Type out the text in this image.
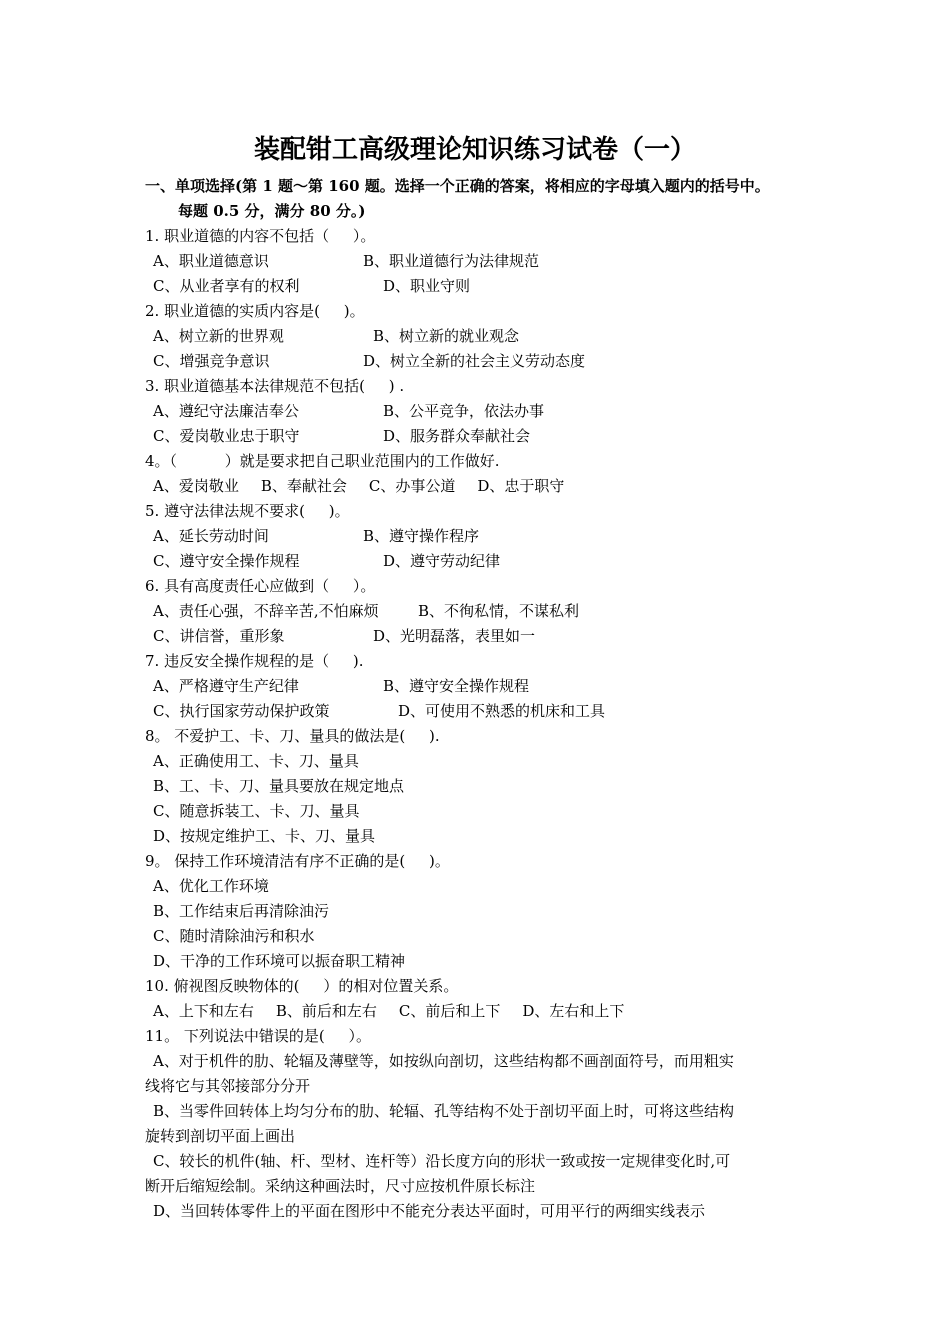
装配钳工高级理论知识练习试卷（一）
一、单项选择(第 1 题～第 160 题。选择一个正确的答案，将相应的字母填入题内的括号中。
每题 0.5 分，满分 80 分。)
1. 职业道德的内容不包括（     ）。
A、职业道德意识	B、职业道德行为法律规范
C、从业者享有的权利	D、职业守则
2. 职业道德的实质内容是(     )。
A、树立新的世界观	B、树立新的就业观念
C、增强竞争意识	D、树立全新的社会主义劳动态度
3. 职业道德基本法律规范不包括(     ) .
A、遵纪守法廉洁奉公	B、公平竞争，依法办事
C、爱岗敬业忠于职守	D、服务群众奉献社会
4。（          ）就是要求把自己职业范围内的工作做好.
A、爱岗敬业 B、奉献社会 C、办事公道 D、忠于职守
5. 遵守法律法规不要求(     )。
A、延长劳动时间	B、遵守操作程序
C、遵守安全操作规程	D、遵守劳动纪律
6. 具有高度责任心应做到（     ）。
A、责任心强，不辞辛苦,不怕麻烦	B、不徇私情，不谋私利
C、讲信誉，重形象	D、光明磊落，表里如一
7. 违反安全操作规程的是（     ).
A、严格遵守生产纪律	B、遵守安全操作规程
C、执行国家劳动保护政策	D、可使用不熟悉的机床和工具
8。 不爱护工、卡、刀、量具的做法是(     ).
A、正确使用工、卡、刀、量具
B、工、卡、刀、量具要放在规定地点
C、随意拆装工、卡、刀、量具
D、按规定维护工、卡、刀、量具
9。 保持工作环境清洁有序不正确的是(     )。
A、优化工作环境
B、工作结束后再清除油污
C、随时清除油污和积水
D、干净的工作环境可以振奋职工精神
10. 俯视图反映物体的(     ）的相对位置关系。
A、上下和左右 B、前后和左右 C、前后和上下 D、左右和上下
11。 下列说法中错误的是(     ）。
A、对于机件的肋、轮辐及薄壁等，如按纵向剖切，这些结构都不画剖面符号，而用粗实
线将它与其邻接部分分开
B、当零件回转体上均匀分布的肋、轮辐、孔等结构不处于剖切平面上时，可将这些结构
旋转到剖切平面上画出
C、较长的机件(轴、杆、型材、连杆等）沿长度方向的形状一致或按一定规律变化时,可
断开后缩短绘制。采纳这种画法时，尺寸应按机件原长标注
D、当回转体零件上的平面在图形中不能充分表达平面时，可用平行的两细实线表示
